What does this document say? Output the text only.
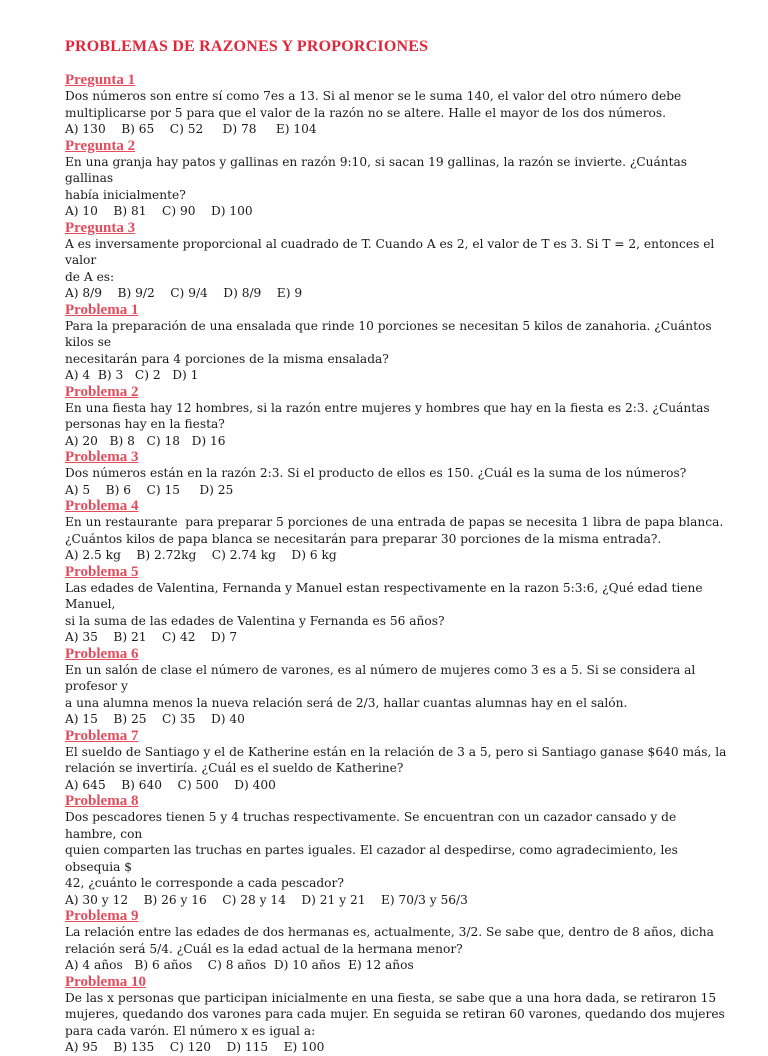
PROBLEMAS DE RAZONES Y PROPORCIONES
Pregunta 1
Dos números son entre sí como 7es a 13. Si al menor se le suma 140, el valor del otro número debe
multiplicarse por 5 para que el valor de la razón no se altere. Halle el mayor de los dos números.
A) 130    B) 65    C) 52     D) 78     E) 104
Pregunta 2
En una granja hay patos y gallinas en razón 9:10, si sacan 19 gallinas, la razón se invierte. ¿Cuántas gallinas
había inicialmente?
A) 10    B) 81    C) 90    D) 100
Pregunta 3
A es inversamente proporcional al cuadrado de T. Cuando A es 2, el valor de T es 3. Si T = 2, entonces el valor
de A es:
A) 8/9    B) 9/2    C) 9/4    D) 8/9    E) 9
Problema 1
Para la preparación de una ensalada que rinde 10 porciones se necesitan 5 kilos de zanahoria. ¿Cuántos kilos se
necesitarán para 4 porciones de la misma ensalada?
A) 4  B) 3   C) 2   D) 1
Problema 2
En una fiesta hay 12 hombres, si la razón entre mujeres y hombres que hay en la fiesta es 2:3. ¿Cuántas
personas hay en la fiesta?
A) 20   B) 8   C) 18   D) 16
Problema 3
Dos números están en la razón 2:3. Si el producto de ellos es 150. ¿Cuál es la suma de los números?
A) 5    B) 6    C) 15     D) 25
Problema 4
En un restaurante  para preparar 5 porciones de una entrada de papas se necesita 1 libra de papa blanca.
¿Cuántos kilos de papa blanca se necesitarán para preparar 30 porciones de la misma entrada?.
A) 2.5 kg    B) 2.72kg    C) 2.74 kg    D) 6 kg
Problema 5
Las edades de Valentina, Fernanda y Manuel estan respectivamente en la razon 5:3:6, ¿Qué edad tiene Manuel,
si la suma de las edades de Valentina y Fernanda es 56 años?
A) 35    B) 21    C) 42    D) 7
Problema 6
En un salón de clase el número de varones, es al número de mujeres como 3 es a 5. Si se considera al profesor y
a una alumna menos la nueva relación será de 2/3, hallar cuantas alumnas hay en el salón.
A) 15    B) 25    C) 35    D) 40
Problema 7
El sueldo de Santiago y el de Katherine están en la relación de 3 a 5, pero si Santiago ganase $640 más, la
relación se invertiría. ¿Cuál es el sueldo de Katherine?
A) 645    B) 640    C) 500    D) 400
Problema 8
Dos pescadores tienen 5 y 4 truchas respectivamente. Se encuentran con un cazador cansado y de hambre, con
quien comparten las truchas en partes iguales. El cazador al despedirse, como agradecimiento, les obsequia $
42, ¿cuánto le corresponde a cada pescador?
A) 30 y 12    B) 26 y 16    C) 28 y 14    D) 21 y 21    E) 70/3 y 56/3
Problema 9
La relación entre las edades de dos hermanas es, actualmente, 3/2. Se sabe que, dentro de 8 años, dicha
relación será 5/4. ¿Cuál es la edad actual de la hermana menor?
A) 4 años   B) 6 años    C) 8 años  D) 10 años  E) 12 años
Problema 10
De las x personas que participan inicialmente en una fiesta, se sabe que a una hora dada, se retiraron 15
mujeres, quedando dos varones para cada mujer. En seguida se retiran 60 varones, quedando dos mujeres
para cada varón. El número x es igual a:
A) 95    B) 135    C) 120    D) 115    E) 100
